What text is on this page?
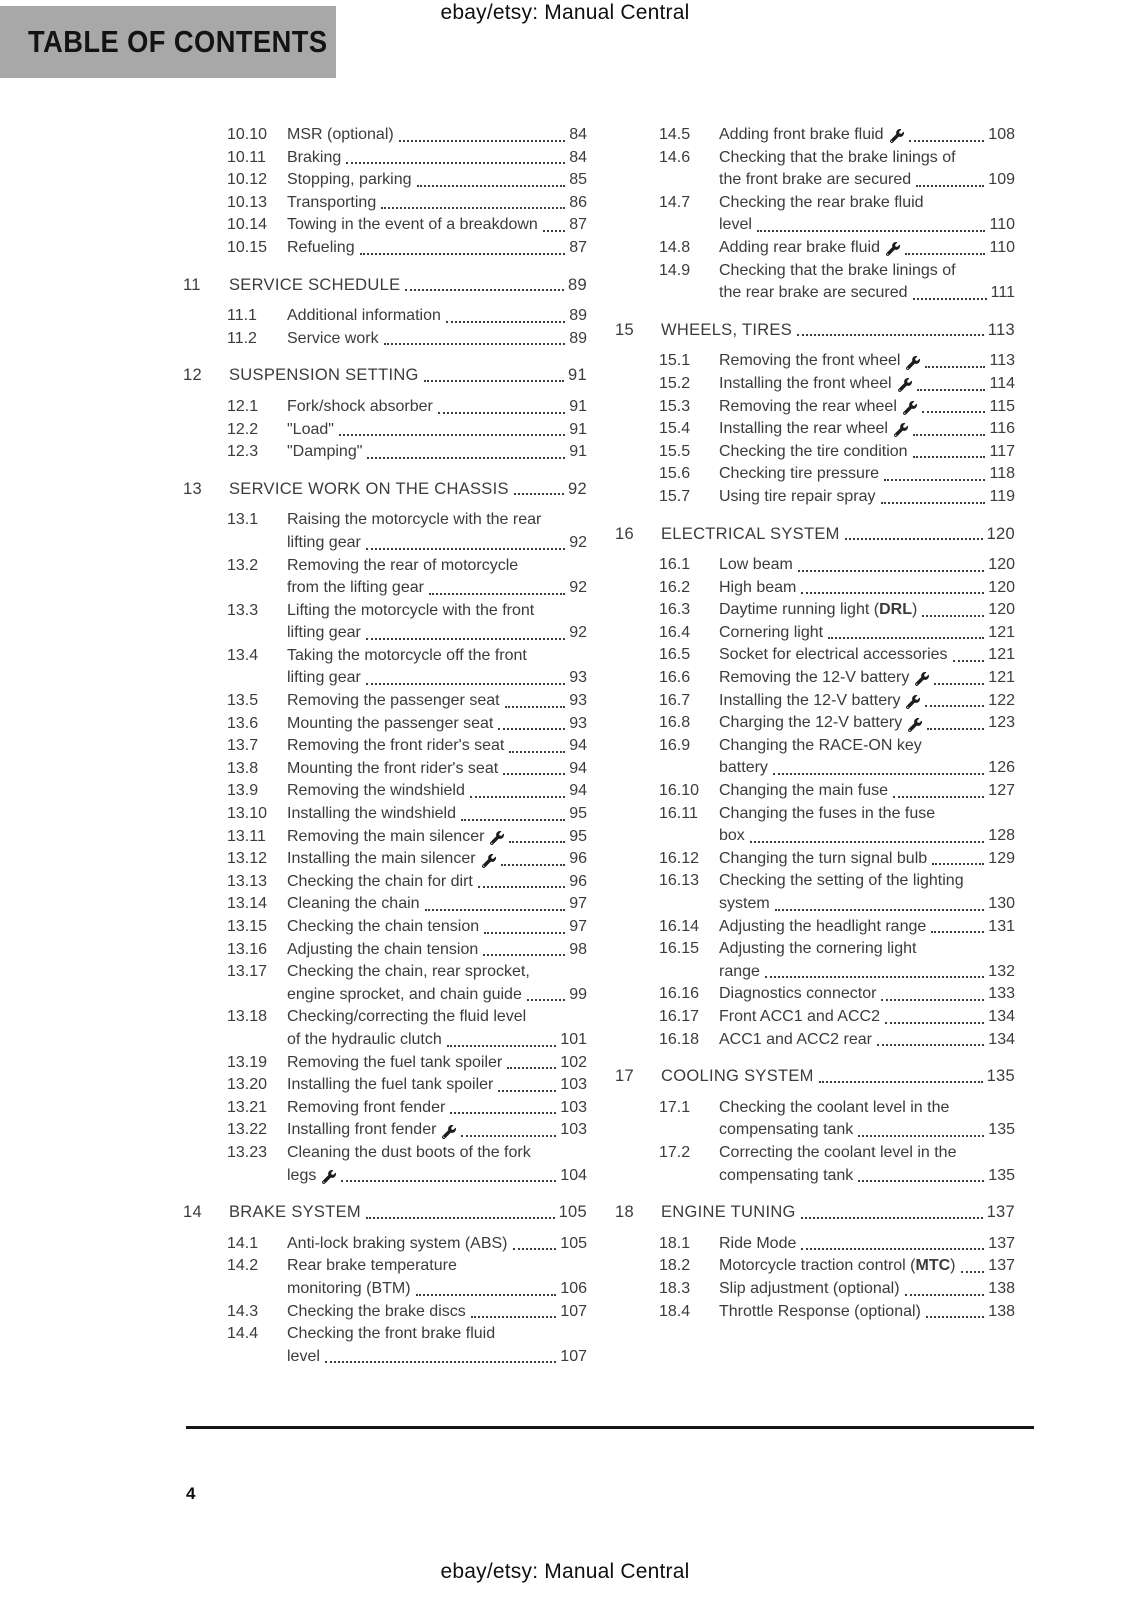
ebay/etsy: Manual Central
TABLE OF CONTENTS
10.10	MSR (optional)	84
10.11	Braking	84
10.12	Stopping, parking	85
10.13	Transporting	86
10.14	Towing in the event of a breakdown 87
10.15	Refueling	87
11	SERVICE SCHEDULE	89
11.1	Additional information	89
11.2	Service work	89
12	SUSPENSION SETTING	91
12.1	Fork/shock absorber	91
12.2	"Load"	91
12.3	"Damping"	91
13	SERVICE WORK ON THE CHASSIS	92
13.1	Raising the motorcycle with the rear
lifting gear	92
13.2	Removing the rear of motorcycle
from the lifting gear	92
13.3	Lifting the motorcycle with the front
lifting gear	92
13.4	Taking the motorcycle off the front
lifting gear	93
13.5	Removing the passenger seat	93
13.6	Mounting the passenger seat	93
13.7	Removing the front rider's seat	94
13.8	Mounting the front rider's seat	94
13.9	Removing the windshield	94
13.10	Installing the windshield	95
13.11	Removing the main silencer	95
13.12	Installing the main silencer	96
13.13	Checking the chain for dirt	96
13.14	Cleaning the chain	97
13.15	Checking the chain tension	97
13.16	Adjusting the chain tension	98
13.17	Checking the chain, rear sprocket,
engine sprocket, and chain guide	99
13.18	Checking/correcting the fluid level
of the hydraulic clutch	101
13.19	Removing the fuel tank spoiler	102
13.20	Installing the fuel tank spoiler	103
13.21	Removing front fender	103
13.22	Installing front fender	103
13.23	Cleaning the dust boots of the fork
legs	104
14	BRAKE SYSTEM	105
14.1	Anti-lock braking system (ABS)	105
14.2	Rear brake temperature
monitoring (BTM)	106
14.3	Checking the brake discs	107
14.4	Checking the front brake fluid
level	107
14.5	Adding front brake fluid	108
14.6	Checking that the brake linings of
the front brake are secured	109
14.7	Checking the rear brake fluid
level	110
14.8	Adding rear brake fluid	110
14.9	Checking that the brake linings of
the rear brake are secured	111
15	WHEELS, TIRES	113
15.1	Removing the front wheel	113
15.2	Installing the front wheel	114
15.3	Removing the rear wheel	115
15.4	Installing the rear wheel	116
15.5	Checking the tire condition	117
15.6	Checking tire pressure	118
15.7	Using tire repair spray	119
16	ELECTRICAL SYSTEM	120
16.1	Low beam	120
16.2	High beam	120
16.3	Daytime running light (DRL)	120
16.4	Cornering light	121
16.5	Socket for electrical accessories	121
16.6	Removing the 12-V battery	121
16.7	Installing the 12-V battery	122
16.8	Charging the 12-V battery	123
16.9	Changing the RACE-ON key
battery	126
16.10	Changing the main fuse	127
16.11	Changing the fuses in the fuse
box	128
16.12	Changing the turn signal bulb	129
16.13	Checking the setting of the lighting
system	130
16.14	Adjusting the headlight range	131
16.15	Adjusting the cornering light
range	132
16.16	Diagnostics connector	133
16.17	Front ACC1 and ACC2	134
16.18	ACC1 and ACC2 rear	134
17	COOLING SYSTEM	135
17.1	Checking the coolant level in the
compensating tank	135
17.2	Correcting the coolant level in the
compensating tank	135
18	ENGINE TUNING	137
18.1	Ride Mode	137
18.2	Motorcycle traction control (MTC) 137
18.3	Slip adjustment (optional)	138
18.4	Throttle Response (optional)	138
4
ebay/etsy: Manual Central
